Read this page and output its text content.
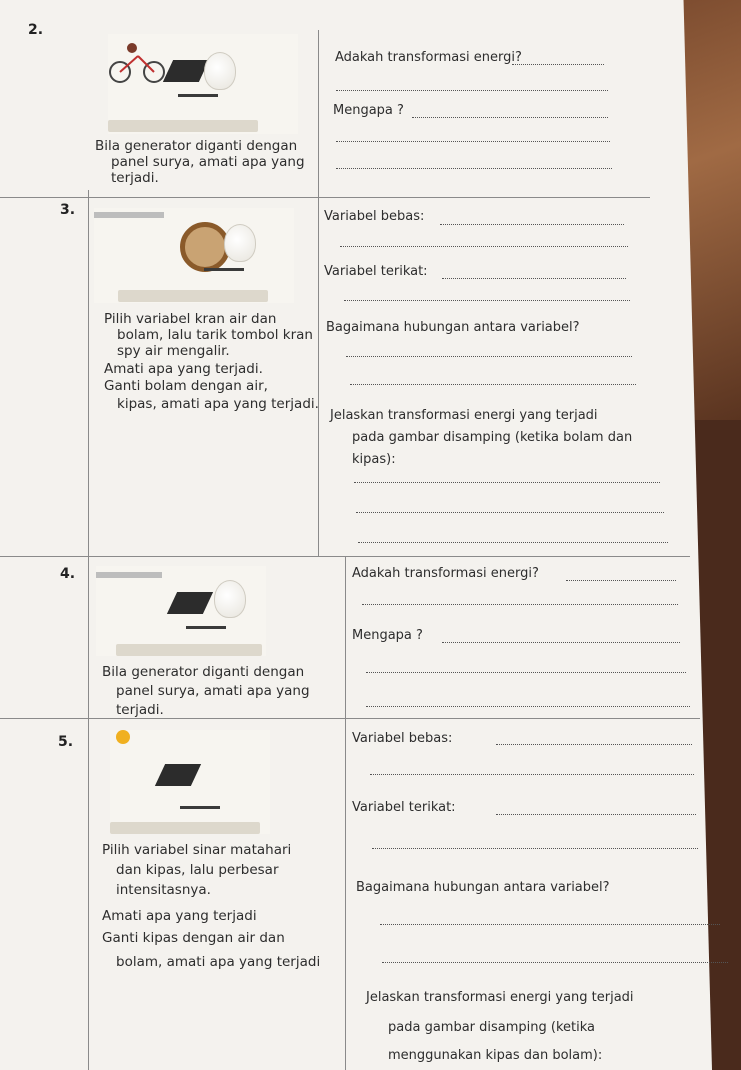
2.
Adakah transformasi energi?
Mengapa ?
Bila generator diganti dengan
panel surya, amati apa yang
terjadi.
3.
Pilih variabel kran air dan
bolam, lalu tarik tombol kran
spy air mengalir.
Amati apa yang terjadi.
Ganti bolam dengan air,
kipas, amati apa yang terjadi.
Variabel bebas:
Variabel terikat:
Bagaimana hubungan antara variabel?
Jelaskan transformasi energi yang terjadi
pada gambar disamping (ketika bolam dan
kipas):
4.
Bila generator diganti dengan
panel surya, amati apa yang
terjadi.
Adakah transformasi energi?
Mengapa ?
5.
Pilih variabel sinar matahari
dan kipas, lalu perbesar
intensitasnya.
Amati apa yang terjadi
Ganti kipas dengan air dan
bolam, amati apa yang terjadi
Variabel bebas:
Variabel terikat:
Bagaimana hubungan antara variabel?
Jelaskan transformasi energi yang terjadi
pada gambar disamping (ketika
menggunakan kipas dan bolam):
